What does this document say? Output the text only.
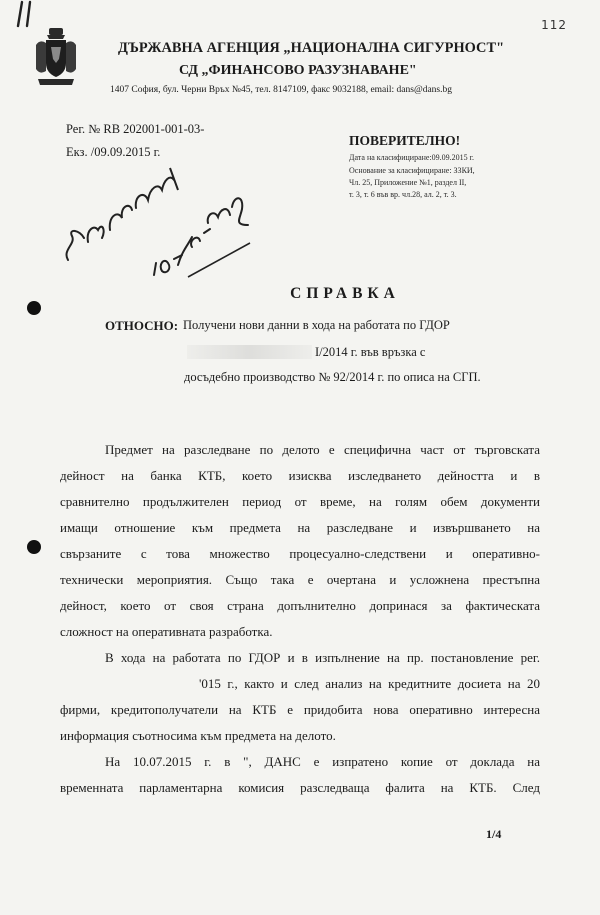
112
ДЪРЖАВНА АГЕНЦИЯ „НАЦИОНАЛНА СИГУРНОСТ"
СД „ФИНАНСОВО РАЗУЗНАВАНЕ"
1407 София, бул. Черни Връх №45, тел. 8147109, факс 9032188, email: dans@dans.bg
Рег. № RB 202001-001-03-
Екз. /09.09.2015 г.
ПОВЕРИТЕЛНО!
Дата на класифициране:09.09.2015 г.
Основание за класифициране: ЗЗКИ,
Чл. 25, Приложение №1, раздел II,
т. 3, т. 6 във вр. чл.28, ал. 2, т. 3.
СПРАВКА
ОТНОСНО: Получени нови данни в хода на работата по ГДОР
I/2014 г. във връзка с
досъдебно производство № 92/2014 г. по описа на СГП.
Предмет на разследване по делото е специфична част от търговската
дейност на банка КТБ, което изисква изследването дейността и в
сравнително продължителен период от време, на голям обем документи
имащи отношение към предмета на разследване и извършването на
свързаните с това множество процесуално-следствени и оперативно-
технически мероприятия. Също така е очертана и усложнена престъпна
дейност, което от своя страна допълнително допринася за фактическата
сложност на оперативната разработка.
В хода на работата по ГДОР и в изпълнение на пр. постановление рег.
'015 г., както и след анализ на кредитните досиета на 20
фирми, кредитополучатели на КТБ е придобита нова оперативно интересна
информация съотносима към предмета на делото.
На 10.07.2015 г. в ", ДАНС е изпратено копие от доклада на
временната парламентарна комисия разследваща фалита на КТБ. След
1/4
